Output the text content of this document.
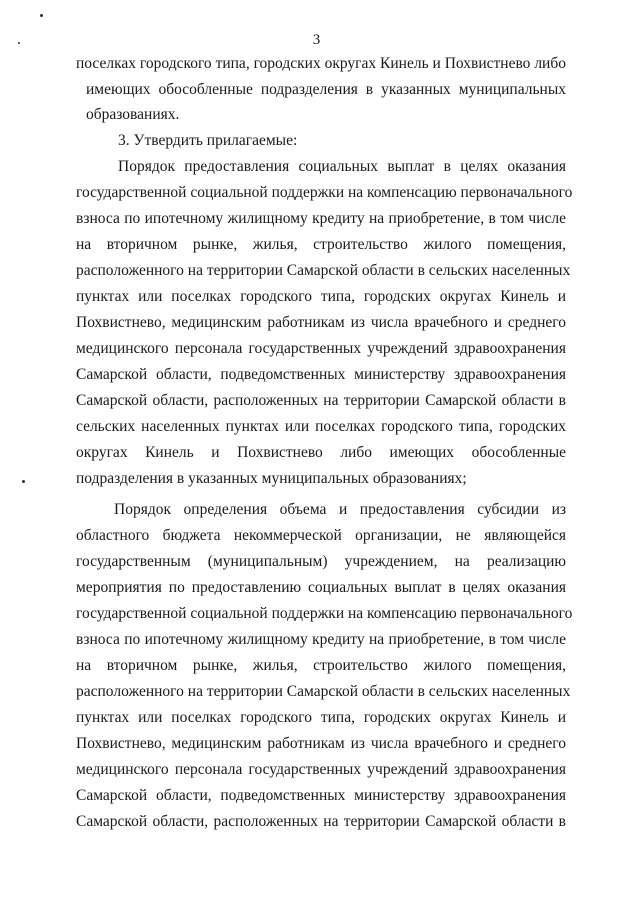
3
поселках городского типа, городских округах Кинель и Похвистнево либо
имеющих обособленные подразделения в указанных муниципальных
образованиях.
3. Утвердить прилагаемые:
Порядок предоставления социальных выплат в целях оказания
государственной социальной поддержки на компенсацию первоначального
взноса по ипотечному жилищному кредиту на приобретение, в том числе
на вторичном рынке, жилья, строительство жилого помещения,
расположенного на территории Самарской области в сельских населенных
пунктах или поселках городского типа, городских округах Кинель и
Похвистнево, медицинским работникам из числа врачебного и среднего
медицинского персонала государственных учреждений здравоохранения
Самарской области, подведомственных министерству здравоохранения
Самарской области, расположенных на территории Самарской области в
сельских населенных пунктах или поселках городского типа, городских
округах Кинель и Похвистнево либо имеющих обособленные
подразделения в указанных муниципальных образованиях;
Порядок определения объема и предоставления субсидии из
областного бюджета некоммерческой организации, не являющейся
государственным (муниципальным) учреждением, на реализацию
мероприятия по предоставлению социальных выплат в целях оказания
государственной социальной поддержки на компенсацию первоначального
взноса по ипотечному жилищному кредиту на приобретение, в том числе
на вторичном рынке, жилья, строительство жилого помещения,
расположенного на территории Самарской области в сельских населенных
пунктах или поселках городского типа, городских округах Кинель и
Похвистнево, медицинским работникам из числа врачебного и среднего
медицинского персонала государственных учреждений здравоохранения
Самарской области, подведомственных министерству здравоохранения
Самарской области, расположенных на территории Самарской области в
